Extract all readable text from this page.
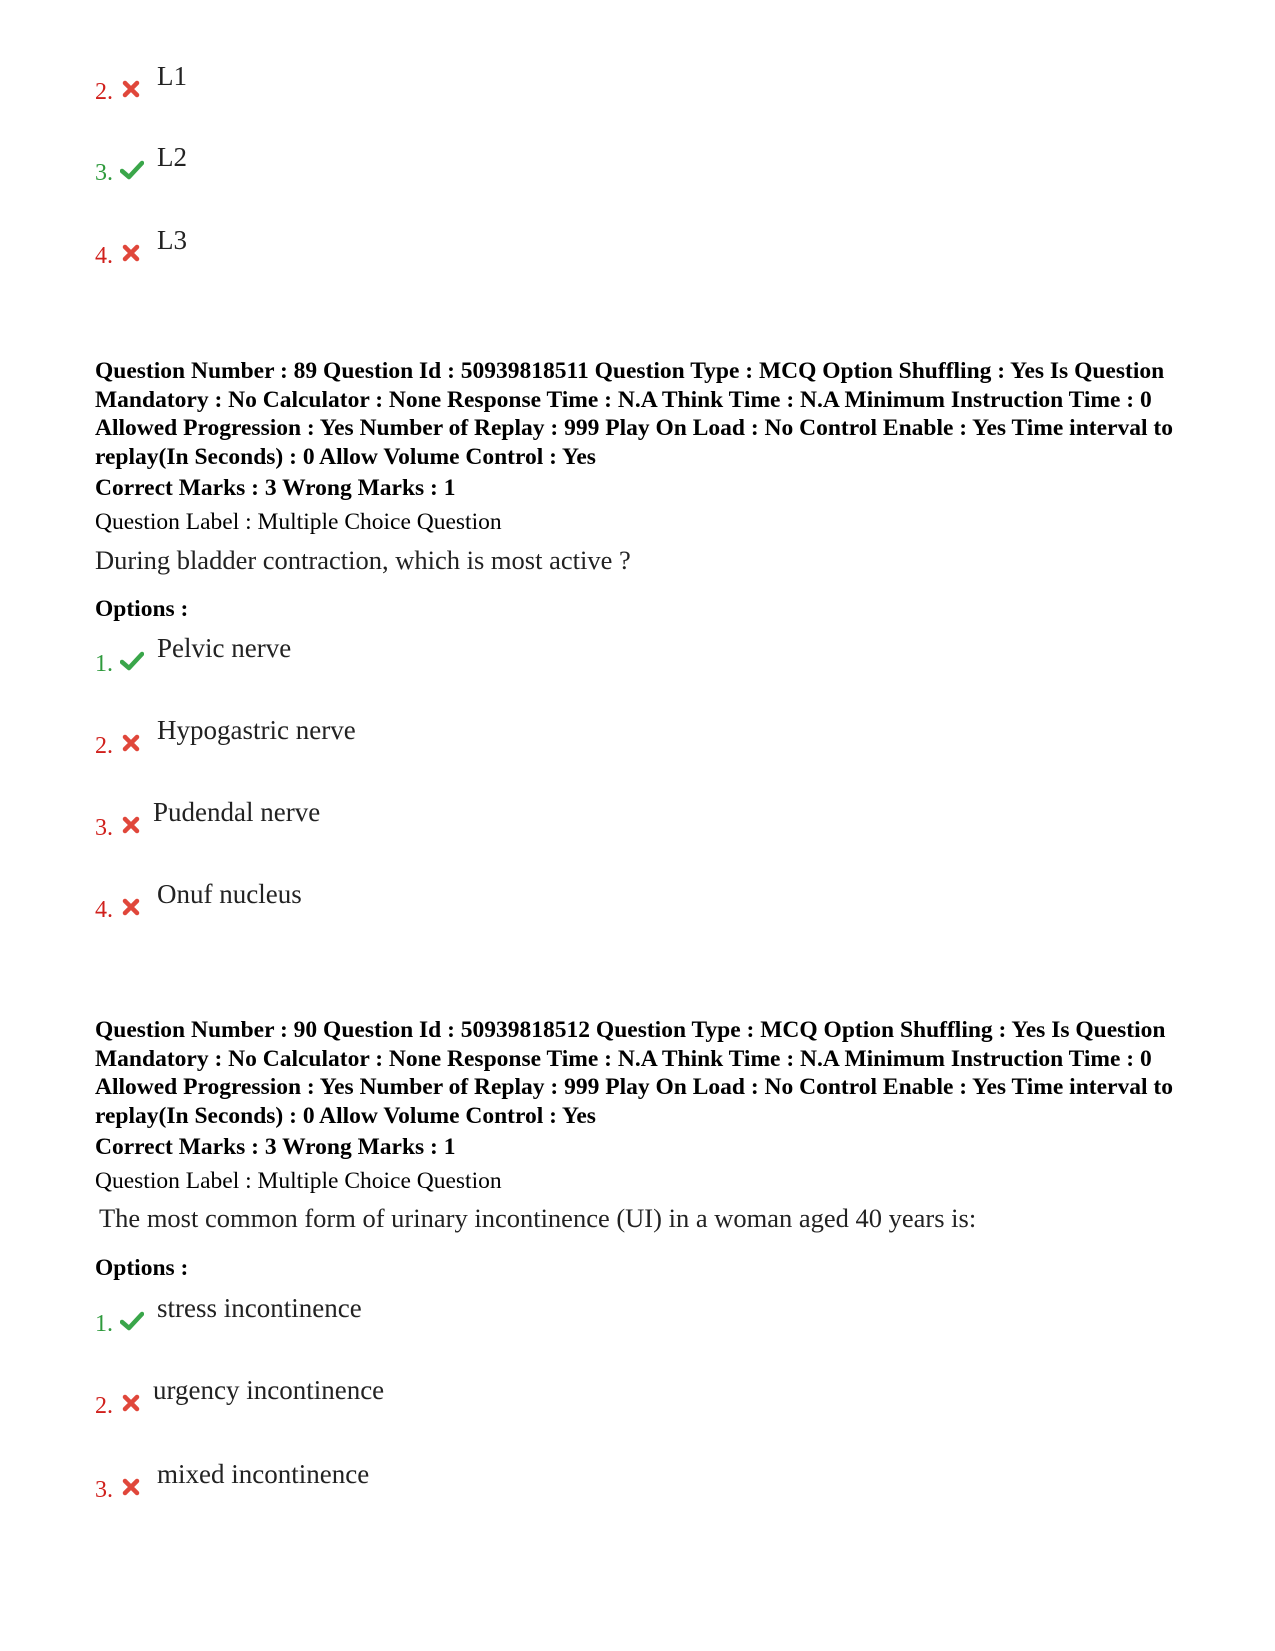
2.
L1
3.
L2
4.
L3
Question Number : 89 Question Id : 50939818511 Question Type : MCQ Option Shuffling : Yes Is Question Mandatory : No Calculator : None Response Time : N.A Think Time : N.A Minimum Instruction Time : 0 Allowed Progression : Yes Number of Replay : 999 Play On Load : No Control Enable : Yes Time interval to replay(In Seconds) : 0 Allow Volume Control : Yes
Correct Marks : 3 Wrong Marks : 1
Question Label : Multiple Choice Question
During bladder contraction, which is most active ?
Options :
1.
Pelvic nerve
2.
Hypogastric nerve
3.
Pudendal nerve
4.
Onuf nucleus
Question Number : 90 Question Id : 50939818512 Question Type : MCQ Option Shuffling : Yes Is Question Mandatory : No Calculator : None Response Time : N.A Think Time : N.A Minimum Instruction Time : 0 Allowed Progression : Yes Number of Replay : 999 Play On Load : No Control Enable : Yes Time interval to replay(In Seconds) : 0 Allow Volume Control : Yes
Correct Marks : 3 Wrong Marks : 1
Question Label : Multiple Choice Question
The most common form of urinary incontinence (UI) in a woman aged 40 years is:
Options :
1.
stress incontinence
2.
urgency incontinence
3.
mixed incontinence
